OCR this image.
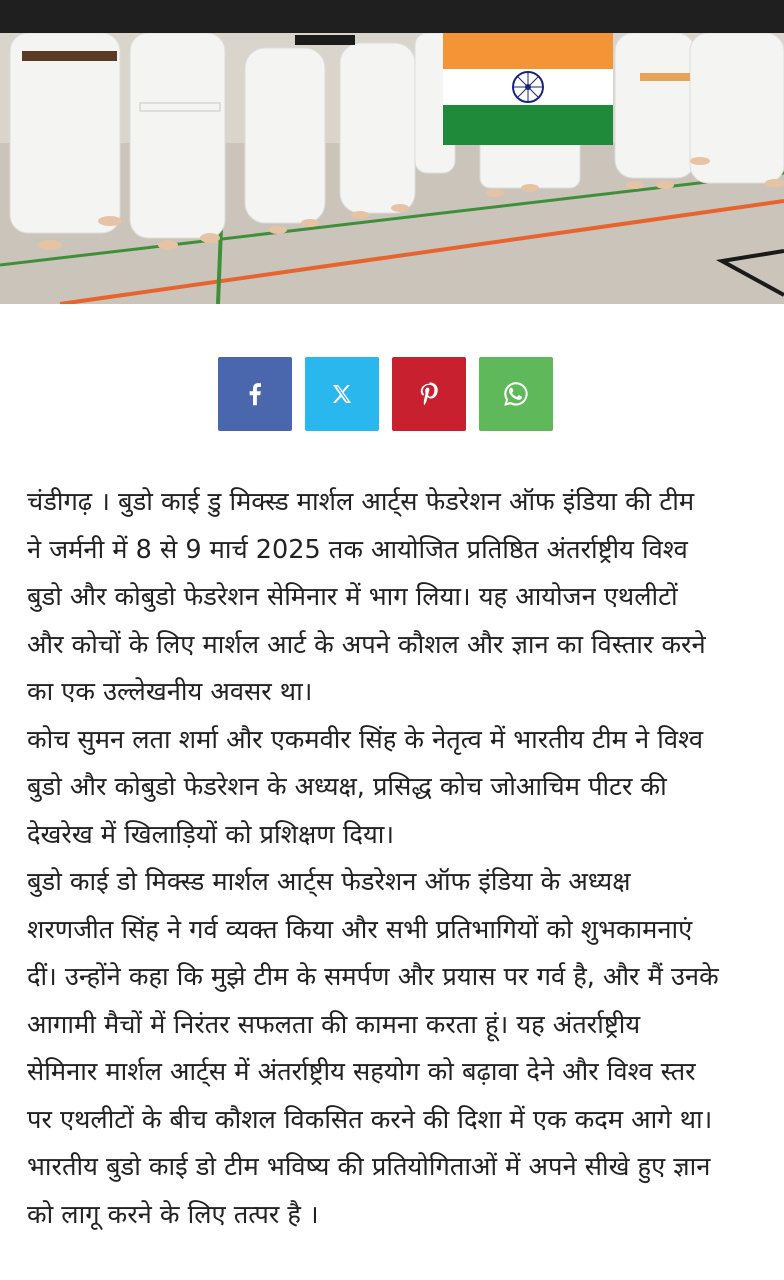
चंडीगढ़ । बुडो काई डु मिक्स्ड मार्शल आर्ट्स फेडरेशन ऑफ इंडिया की टीम

ने जर्मनी में 8 से 9 मार्च 2025 तक आयोजित प्रतिष्ठित अंतर्राष्ट्रीय विश्व

बुडो और कोबुडो फेडरेशन सेमिनार में भाग लिया। यह आयोजन एथलीटों

और कोचों के लिए मार्शल आर्ट के अपने कौशल और ज्ञान का विस्तार करने

का एक उल्लेखनीय अवसर था।

कोच सुमन लता शर्मा और एकमवीर सिंह के नेतृत्व में भारतीय टीम ने विश्व

बुडो और कोबुडो फेडरेशन के अध्यक्ष, प्रसिद्ध कोच जोआचिम पीटर की

देखरेख में खिलाड़ियों को प्रशिक्षण दिया।

बुडो काई डो मिक्स्ड मार्शल आर्ट्स फेडरेशन ऑफ इंडिया के अध्यक्ष

शरणजीत सिंह ने गर्व व्यक्त किया और सभी प्रतिभागियों को शुभकामनाएं

दीं। उन्होंने कहा कि मुझे टीम के समर्पण और प्रयास पर गर्व है, और मैं उनके

आगामी मैचों में निरंतर सफलता की कामना करता हूं। यह अंतर्राष्ट्रीय

सेमिनार मार्शल आर्ट्स में अंतर्राष्ट्रीय सहयोग को बढ़ावा देने और विश्व स्तर

पर एथलीटों के बीच कौशल विकसित करने की दिशा में एक कदम आगे था।

भारतीय बुडो काई डो टीम भविष्य की प्रतियोगिताओं में अपने सीखे हुए ज्ञान

को लागू करने के लिए तत्पर है ।
